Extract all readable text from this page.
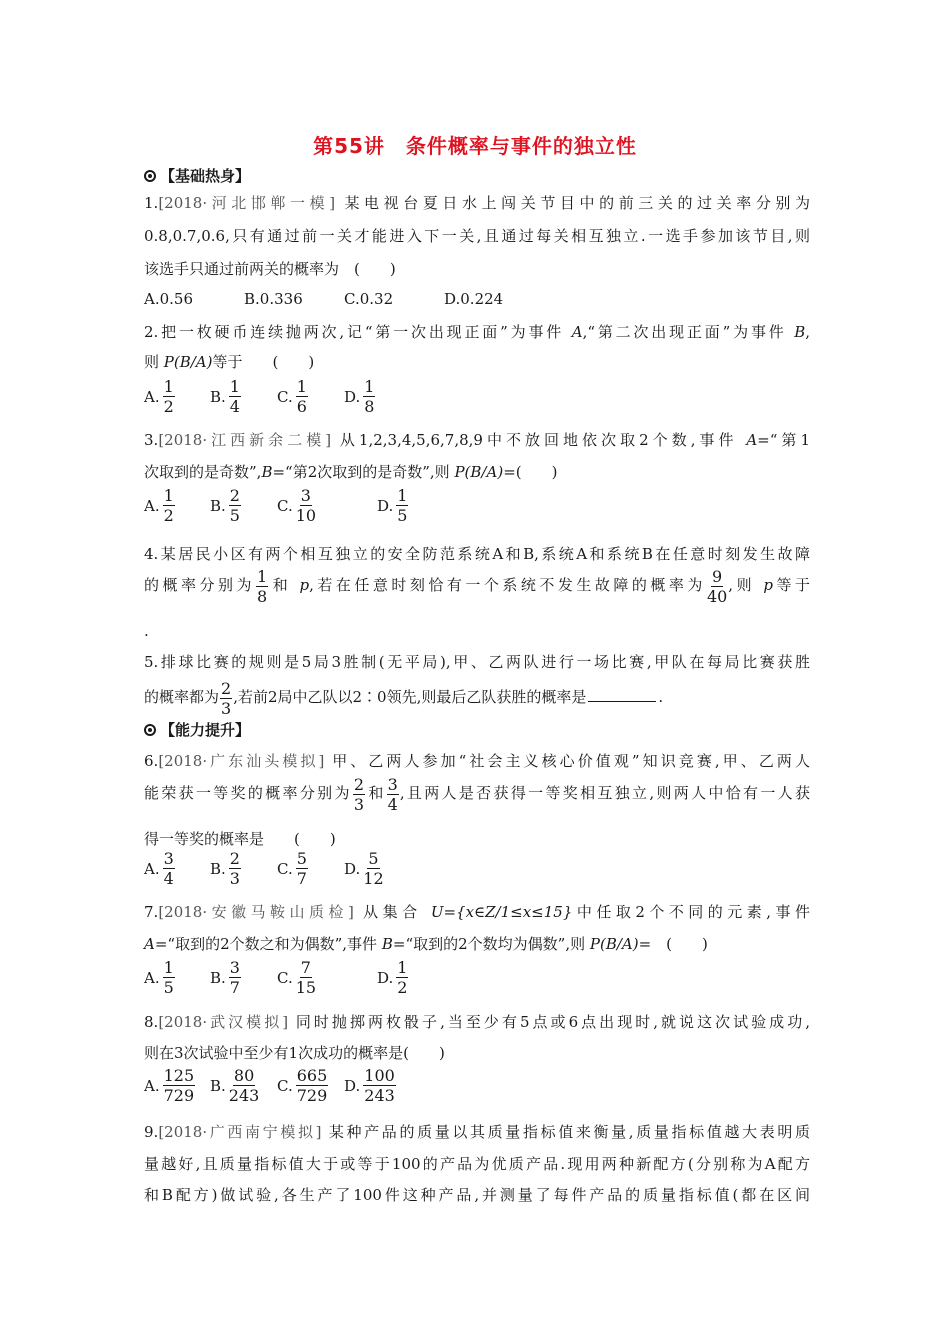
第55讲　条件概率与事件的独立性
【基础热身】
1.[2018·河北邯郸一模] 某电视台夏日水上闯关节目中的前三关的过关率分别为
0.8,0.7,0.6,只有通过前一关才能进入下一关,且通过每关相互独立.一选手参加该节目,则
该选手只通过前两关的概率为　(　　)
A.0.56	B.0.336	C.0.32	D.0.224
2.把一枚硬币连续抛两次,记“第一次出现正面”为事件 A,“第二次出现正面”为事件 B,
则 P(B/A)等于　　(　　)
A. $\frac{1}{2} B$. $\frac{1}{4} C$. $\frac{1}{6} D$. $\frac{1}{8}$
3.[2018·江西新余二模] 从1,2,3,4,5,6,7,8,9中不放回地依次取2个数,事件 A=“第1
次取到的是奇数”,B=“第2次取到的是奇数”,则 P(B/A)=(　　)
A. $\frac{1}{2} B$. $\frac{2}{5} C$. $\frac{3}{10}$	D. $\frac{1}{5}$
4.某居民小区有两个相互独立的安全防范系统A和B,系统A和系统B在任意时刻发生故障
的概率分别为 $\frac{1}{8}$ 和 p,若在任意时刻恰有一个系统不发生故障的概率为 $\frac{9}{40}$ ,则 p等于
.
5.排球比赛的规则是5局3胜制(无平局),甲、乙两队进行一场比赛,甲队在每局比赛获胜
的概率都为 $\frac{2}{3}$ ,若前2局中乙队以2∶0领先,则最后乙队获胜的概率是	.
【能力提升】
6.[2018·广东汕头模拟] 甲、乙两人参加“社会主义核心价值观”知识竞赛,甲、乙两人
能荣获一等奖的概率分别为 $\frac{2}{3}$ 和 $\frac{3}{4}$ ,且两人是否获得一等奖相互独立,则两人中恰有一人获
得一等奖的概率是　　(　　)
A. $\frac{3}{4} B$. $\frac{2}{3} C$. $\frac{5}{7} D$. $\frac{5}{12}$
7.[2018·安徽马鞍山质检] 从集合 U={x∈Z/1≤x≤15}中任取2个不同的元素,事件
A=“取到的2个数之和为偶数”,事件 B=“取到的2个数均为偶数”,则 P(B/A)=　(　　)
A. $\frac{1}{5} B$. $\frac{3}{7} C$. $\frac{7}{15}$	D. $\frac{1}{2}$
8.[2018·武汉模拟] 同时抛掷两枚骰子,当至少有5点或6点出现时,就说这次试验成功,
则在3次试验中至少有1次成功的概率是(　　)
A. $\frac{125}{729} B$. $\frac{80}{243} C$. $\frac{665}{729} D$. $\frac{100}{243}$
9.[2018·广西南宁模拟] 某种产品的质量以其质量指标值来衡量,质量指标值越大表明质
量越好,且质量指标值大于或等于100的产品为优质产品.现用两种新配方(分别称为A配方
和B配方)做试验,各生产了100件这种产品,并测量了每件产品的质量指标值(都在区间
